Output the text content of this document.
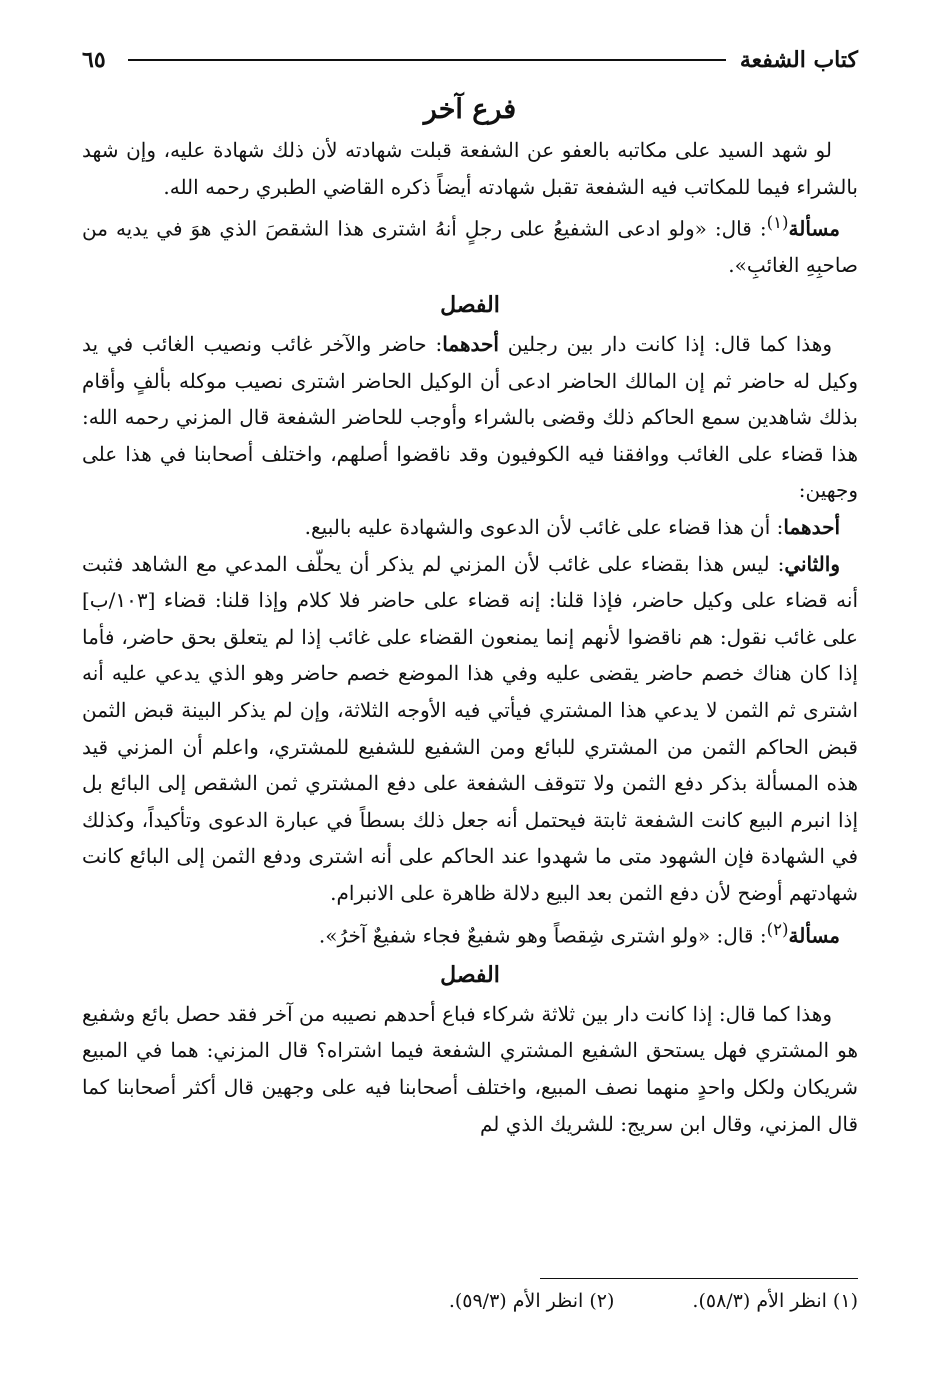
كتاب الشفعة
٦٥
فرع آخر

لو شهد السيد على مكاتبه بالعفو عن الشفعة قبلت شهادته لأن ذلك شهادة عليه، وإن شهد بالشراء فيما للمكاتب فيه الشفعة تقبل شهادته أيضاً ذكره القاضي الطبري رحمه الله.

مسألة$^{(١)}$: قال: «ولو ادعى الشفيعُ على رجلٍ أنهُ اشترى هذا الشقصَ الذي هوَ في يديه من صاحبِهِ الغائبِ».

الفصل

وهذا كما قال: إذا كانت دار بين رجلين أحدهما: حاضر والآخر غائب ونصيب الغائب في يد وكيل له حاضر ثم إن المالك الحاضر ادعى أن الوكيل الحاضر اشترى نصيب موكله بألفٍ وأقام بذلك شاهدين سمع الحاكم ذلك وقضى بالشراء وأوجب للحاضر الشفعة قال المزني رحمه الله: هذا قضاء على الغائب ووافقنا فيه الكوفيون وقد ناقضوا أصلهم، واختلف أصحابنا في هذا على وجهين:

أحدهما: أن هذا قضاء على غائب لأن الدعوى والشهادة عليه بالبيع.

والثاني: ليس هذا بقضاء على غائب لأن المزني لم يذكر أن يحلّف المدعي مع الشاهد فثبت أنه قضاء على وكيل حاضر، فإذا قلنا: إنه قضاء على حاضر فلا كلام وإذا قلنا: قضاء [١٠٣/ب] على غائب نقول: هم ناقضوا لأنهم إنما يمنعون القضاء على غائب إذا لم يتعلق بحق حاضر، فأما إذا كان هناك خصم حاضر يقضى عليه وفي هذا الموضع خصم حاضر وهو الذي يدعي عليه أنه اشترى ثم الثمن لا يدعي هذا المشتري فيأتي فيه الأوجه الثلاثة، وإن لم يذكر البينة قبض الثمن قبض الحاكم الثمن من المشتري للبائع ومن الشفيع للشفيع للمشتري، واعلم أن المزني قيد هذه المسألة بذكر دفع الثمن ولا تتوقف الشفعة على دفع المشتري ثمن الشقص إلى البائع بل إذا انبرم البيع كانت الشفعة ثابتة فيحتمل أنه جعل ذلك بسطاً في عبارة الدعوى وتأكيداً، وكذلك في الشهادة فإن الشهود متى ما شهدوا عند الحاكم على أنه اشترى ودفع الثمن إلى البائع كانت شهادتهم أوضح لأن دفع الثمن بعد البيع دلالة ظاهرة على الانبرام.

مسألة$^{(٢)}$: قال: «ولو اشترى شِقصاً وهو شفيعٌ فجاء شفيعٌ آخرُ».

الفصل

وهذا كما قال: إذا كانت دار بين ثلاثة شركاء فباع أحدهم نصيبه من آخر فقد حصل بائع وشفيع هو المشتري فهل يستحق الشفيع المشتري الشفعة فيما اشتراه؟ قال المزني: هما في المبيع شريكان ولكل واحدٍ منهما نصف المبيع، واختلف أصحابنا فيه على وجهين قال أكثر أصحابنا كما قال المزني، وقال ابن سريج: للشريك الذي لم

(١) انظر الأم (٥٨/٣).
(٢) انظر الأم (٥٩/٣).
